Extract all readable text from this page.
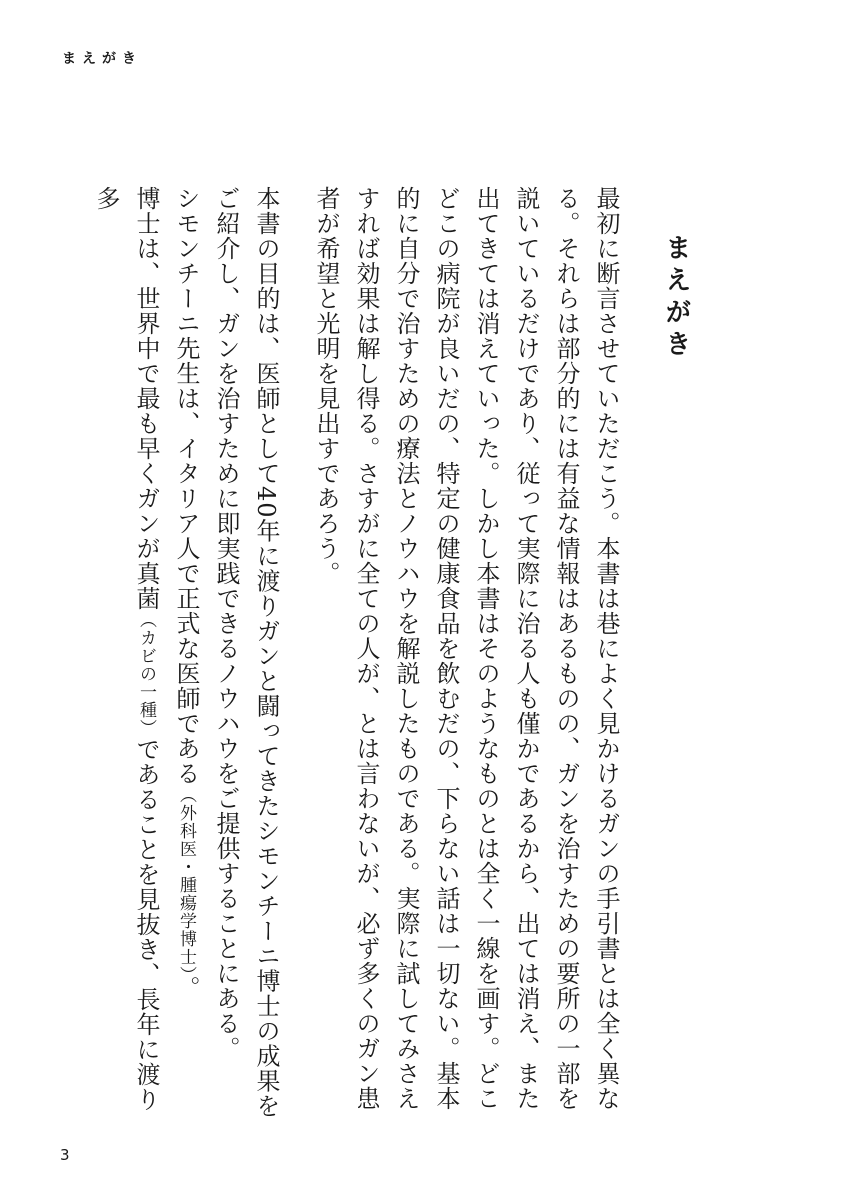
まえがき
まえがき

最初に断言させていただこう。本書は巷によく見かけるガンの手引書とは全く異なる。それらは部分的には有益な情報はあるものの、ガンを治すための要所の一部を説いているだけであり、従って実際に治る人も僅かであるから、出ては消え、また出てきては消えていった。しかし本書はそのようなものとは全く一線を画す。どこどこの病院が良いだの、特定の健康食品を飲むだの、下らない話は一切ない。基本的に自分で治すための療法とノウハウを解説したものである。実際に試してみさえすれば効果は解し得る。さすがに全ての人が、とは言わないが、必ず多くのガン患者が希望と光明を見出すであろう。

本書の目的は、医師として40年に渡りガンと闘ってきたシモンチーニ博士の成果をご紹介し、ガンを治すために即実践できるノウハウをご提供することにある。

シモンチーニ先生は、イタリア人で正式な医師である（外科医・腫瘍学博士）。
博士は、世界中で最も早くガンが真菌（カビの一種）であることを見抜き、長年に渡り多

3
